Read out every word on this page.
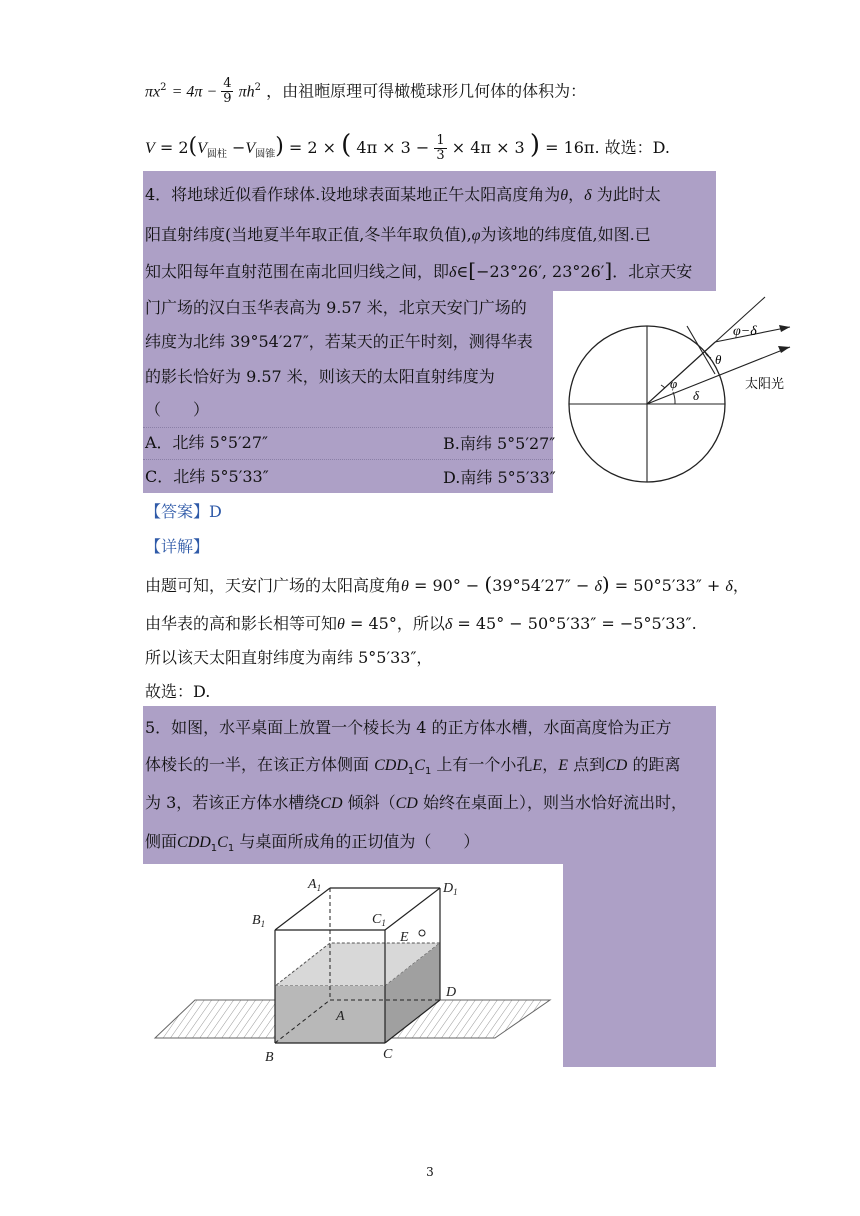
$\pi x^2 = 4\pi - \frac{4}{9} \pi h^2$ ，由祖暅原理可得橄榄球形几何体的体积为：
$V = 2(V_{圆柱} -V_{圆锥}) = 2$ × ( $4\pi \times 3 - \frac{1}{3} \times 4\pi \times 3$ ) = 16π. 故选：D.
4．将地球近似看作球体.设地球表面某地正午太阳高度角为θ，δ 为此时太
阳直射纬度(当地夏半年取正值,冬半年取负值),φ为该地的纬度值,如图.已
知太阳每年直射范围在南北回归线之间，即δ∈[−23°26′, 23°26′]．北京天安
门广场的汉白玉华表高为 9.57 米，北京天安门广场的
纬度为北纬 39°54′27″，若某天的正午时刻，测得华表
的影长恰好为 9.57 米，则该天的太阳直射纬度为
（　　）
A．北纬 5°5′27″	B.南纬 5°5′27″
C．北纬 5°5′33″	D.南纬 5°5′33″
φ−δ
θ
φ
δ
太阳光
【答案】D
【详解】
由题可知，天安门广场的太阳高度角θ = 90° − (39°54′27″ − δ) = 50°5′33″ + δ，
由华表的高和影长相等可知θ = 45°，所以δ = 45° − 50°5′33″ = −5°5′33″.
所以该天太阳直射纬度为南纬 5°5′33″，
故选：D.
5．如图，水平桌面上放置一个棱长为 4 的正方体水槽，水面高度恰为正方
体棱长的一半，在该正方体侧面 $CDD_1C_1$ 上有一个小孔E，E 点到CD 的距离
为 3，若该正方体水槽绕CD 倾斜（CD 始终在桌面上），则当水恰好流出时，
侧面$CDD_1C_1$ 与桌面所成角的正切值为（　　）
$A_1$	$D_1$
$B_1$	$C_1$
E
D
A
B	C
3
